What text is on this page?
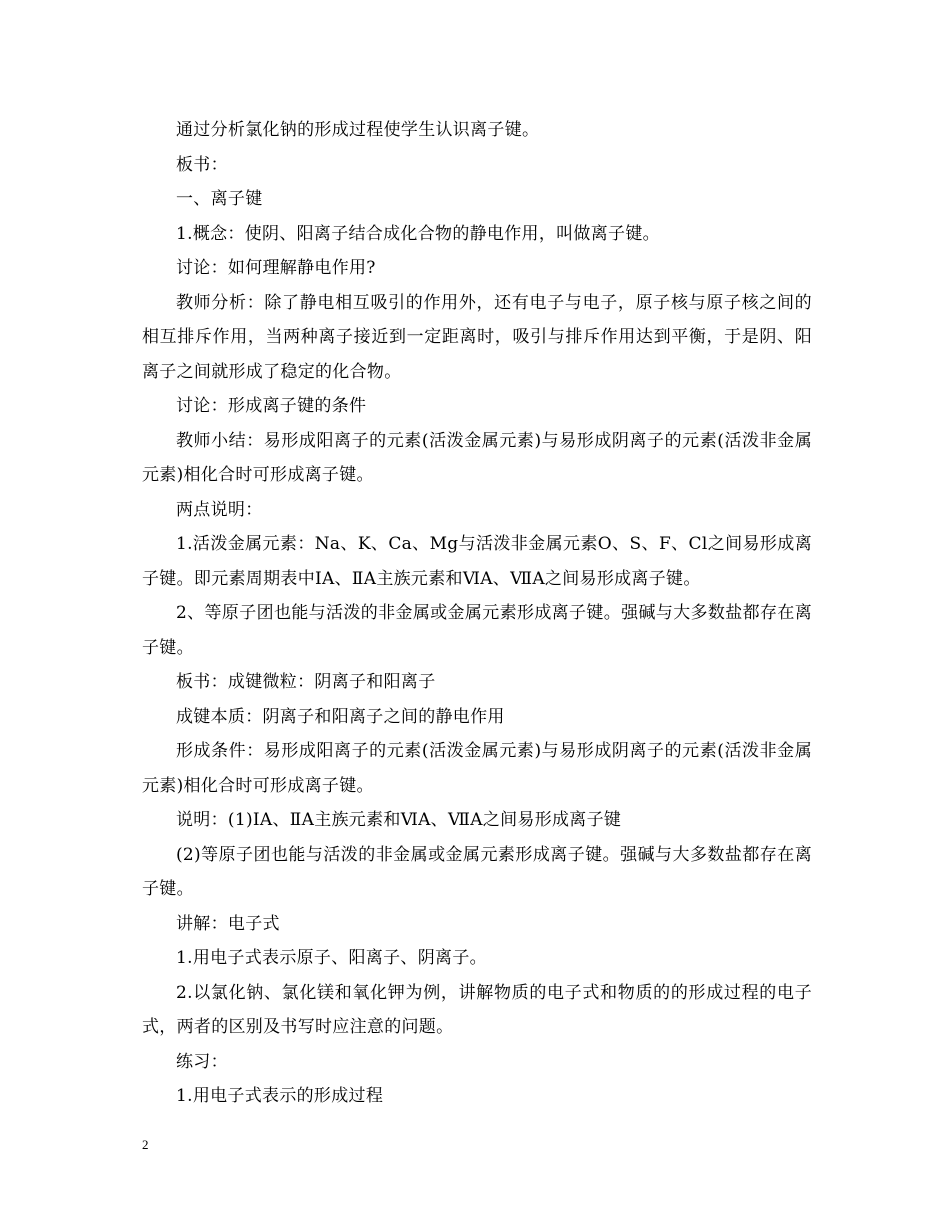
通过分析氯化钠的形成过程使学生认识离子键。

板书：

一、离子键

1.概念：使阴、阳离子结合成化合物的静电作用，叫做离子键。

讨论：如何理解静电作用?

教师分析：除了静电相互吸引的作用外，还有电子与电子，原子核与原子核之间的相互排斥作用，当两种离子接近到一定距离时，吸引与排斥作用达到平衡，于是阴、阳离子之间就形成了稳定的化合物。

讨论：形成离子键的条件

教师小结：易形成阳离子的元素(活泼金属元素)与易形成阴离子的元素(活泼非金属元素)相化合时可形成离子键。

两点说明：

1.活泼金属元素：Na、K、Ca、Mg与活泼非金属元素O、S、F、Cl之间易形成离子键。即元素周期表中ⅠA、ⅡA主族元素和ⅥA、ⅦA之间易形成离子键。

2、等原子团也能与活泼的非金属或金属元素形成离子键。强碱与大多数盐都存在离子键。

板书：成键微粒：阴离子和阳离子

成键本质：阴离子和阳离子之间的静电作用

形成条件：易形成阳离子的元素(活泼金属元素)与易形成阴离子的元素(活泼非金属元素)相化合时可形成离子键。

说明：(1)ⅠA、ⅡA主族元素和ⅥA、ⅦA之间易形成离子键

(2)等原子团也能与活泼的非金属或金属元素形成离子键。强碱与大多数盐都存在离子键。

讲解：电子式

1.用电子式表示原子、阳离子、阴离子。

2.以氯化钠、氯化镁和氧化钾为例，讲解物质的电子式和物质的的形成过程的电子式，两者的区别及书写时应注意的问题。

练习：

1.用电子式表示的形成过程

2
